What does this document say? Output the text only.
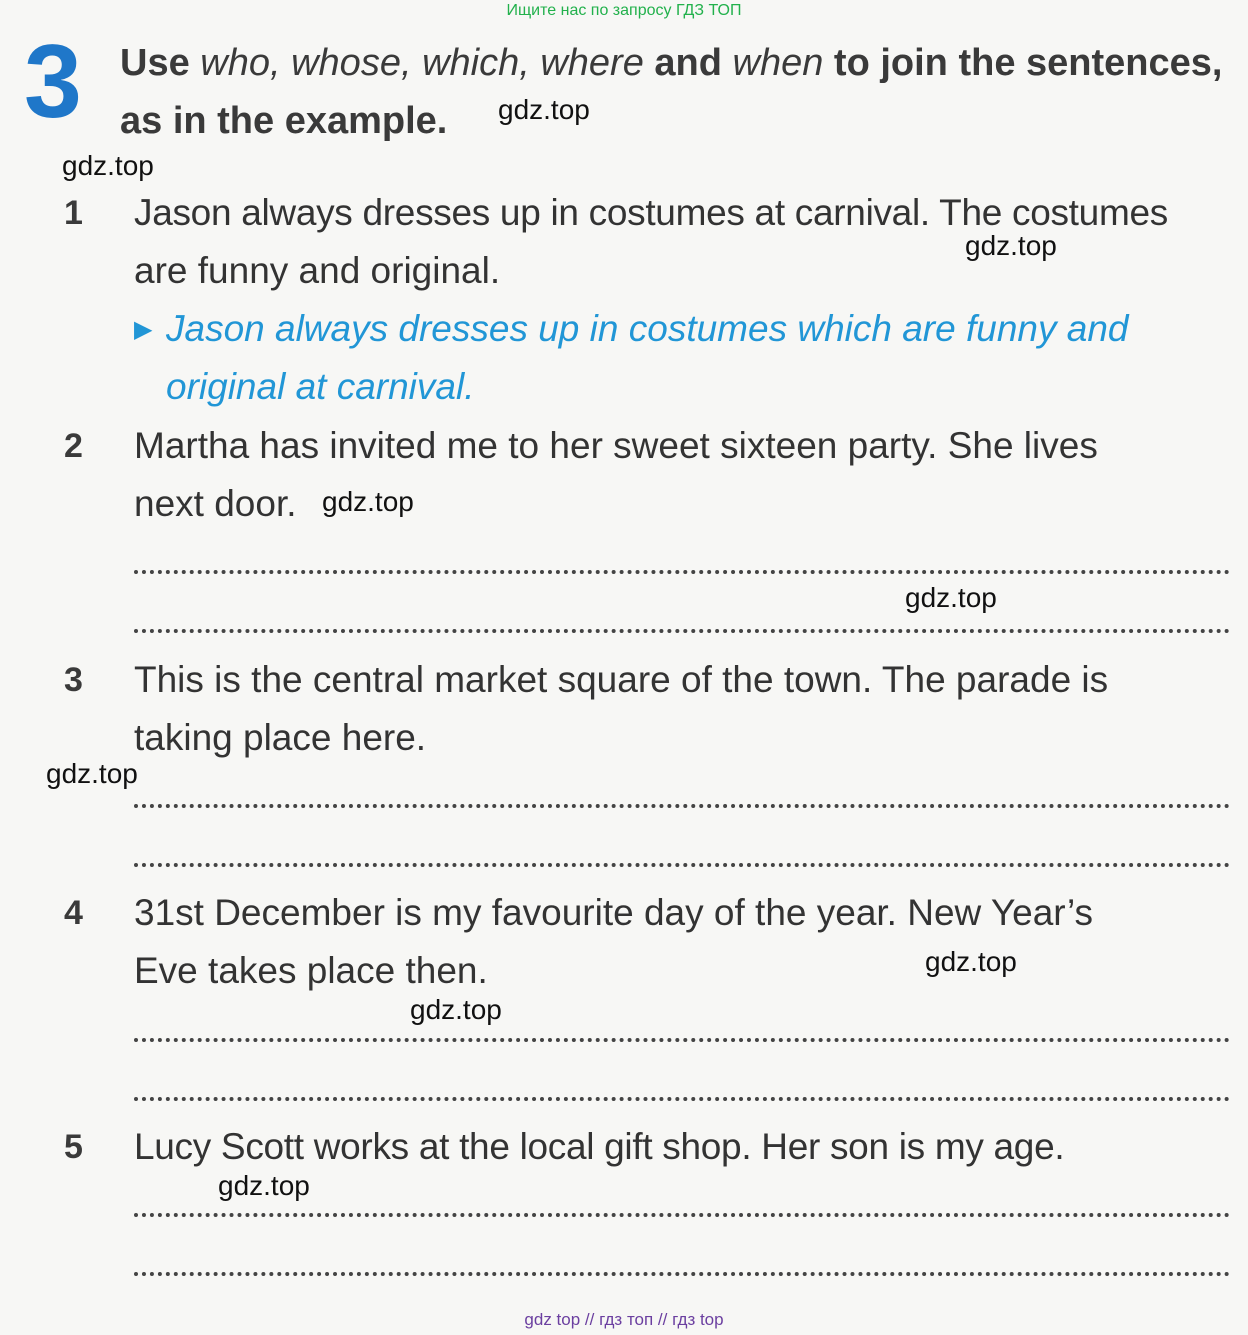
Ищите нас по запросу ГДЗ ТОП
3 Use who, whose, which, where and when to join the sentences,
as in the example.
1 Jason always dresses up in costumes at carnival. The costumes
are funny and original.
▶ Jason always dresses up in costumes which are funny and
original at carnival.
2 Martha has invited me to her sweet sixteen party. She lives
next door.
3 This is the central market square of the town. The parade is
taking place here.
4 31st December is my favourite day of the year. New Year’s
Eve takes place then.
5 Lucy Scott works at the local gift shop. Her son is my age.
gdz.top
gdz.top
gdz.top
gdz.top
gdz.top
gdz.top
gdz.top
gdz.top
gdz.top
gdz top // гдз топ // гдз top
